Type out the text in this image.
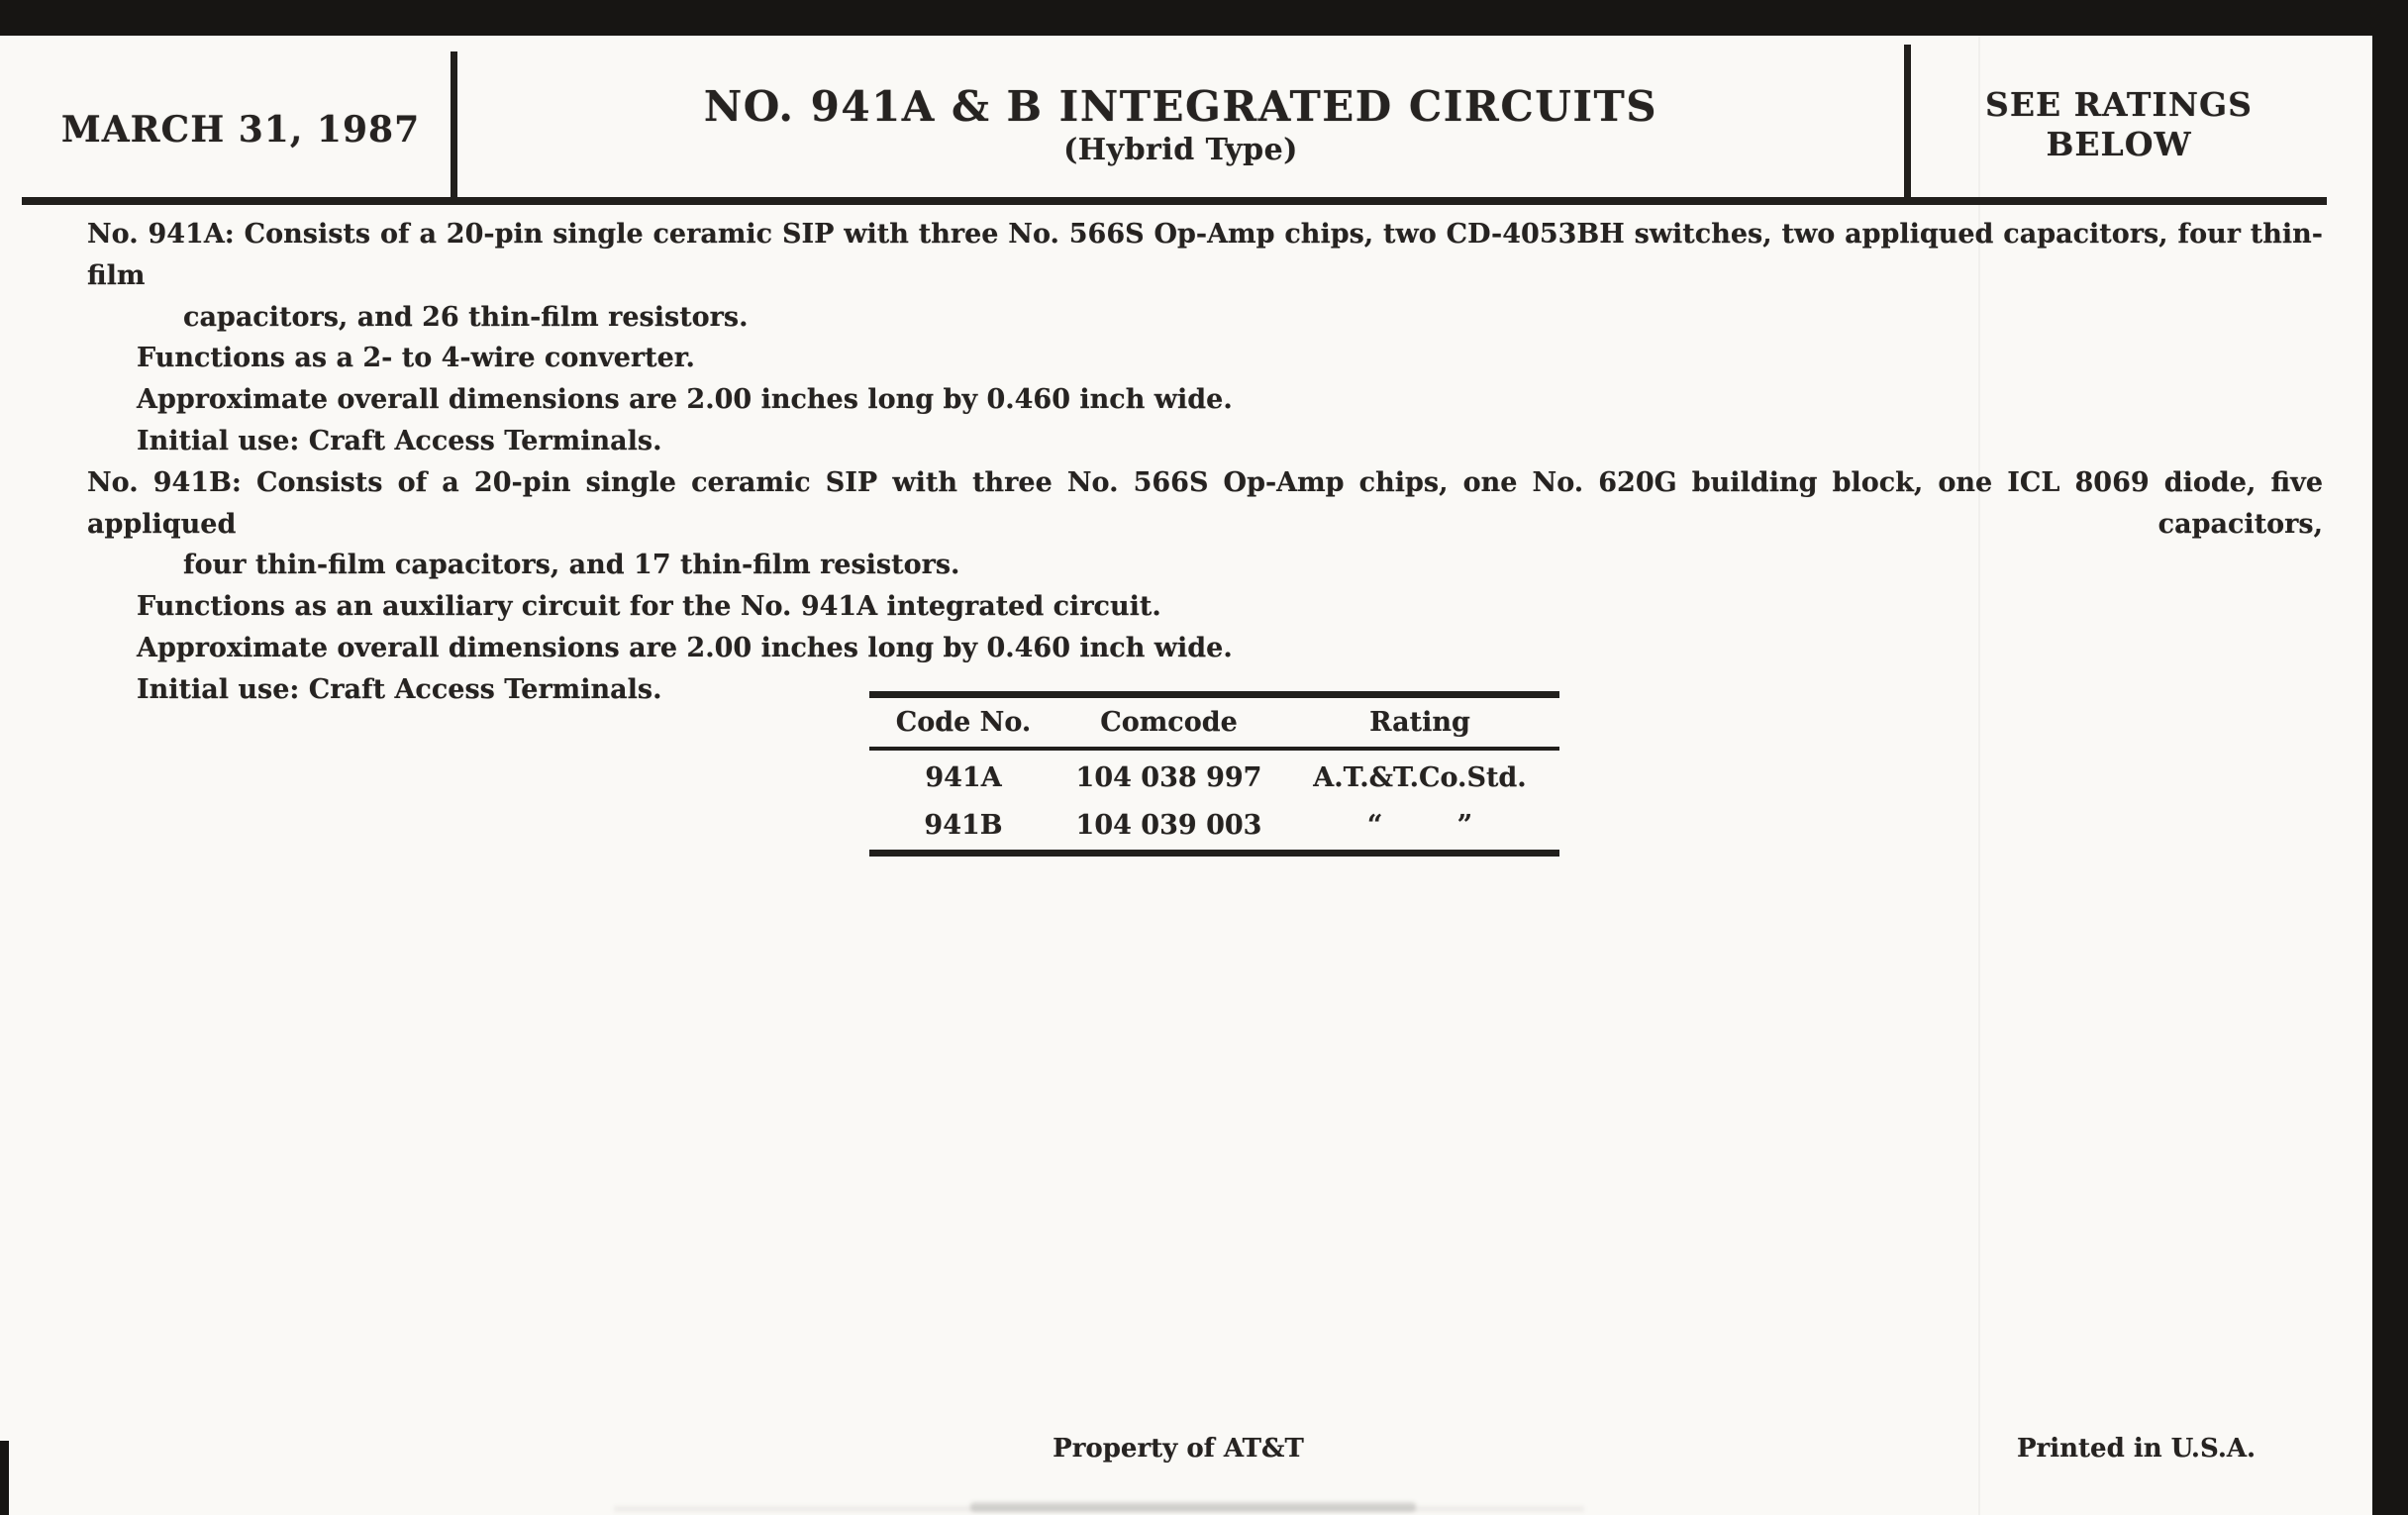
MARCH 31, 1987	NO. 941A & B INTEGRATED CIRCUITS
(Hybrid Type)
SEE RATINGS
BELOW
No. 941A: Consists of a 20-pin single ceramic SIP with three No. 566S Op-Amp chips, two CD-4053BH switches, two appliqued capacitors, four thin-film
capacitors, and 26 thin-film resistors.
Functions as a 2- to 4-wire converter.
Approximate overall dimensions are 2.00 inches long by 0.460 inch wide.
Initial use: Craft Access Terminals.
No. 941B: Consists of a 20-pin single ceramic SIP with three No. 566S Op-Amp chips, one No. 620G building block, one ICL 8069 diode, five appliqued capacitors,
four thin-film capacitors, and 17 thin-film resistors.
Functions as an auxiliary circuit for the No. 941A integrated circuit.
Approximate overall dimensions are 2.00 inches long by 0.460 inch wide.
Initial use: Craft Access Terminals.
Code No.	Comcode	Rating
941A	104 038 997	A.T.&T.Co.Std.
941B	104 039 003	“        ”
Property of AT&T	Printed in U.S.A.
